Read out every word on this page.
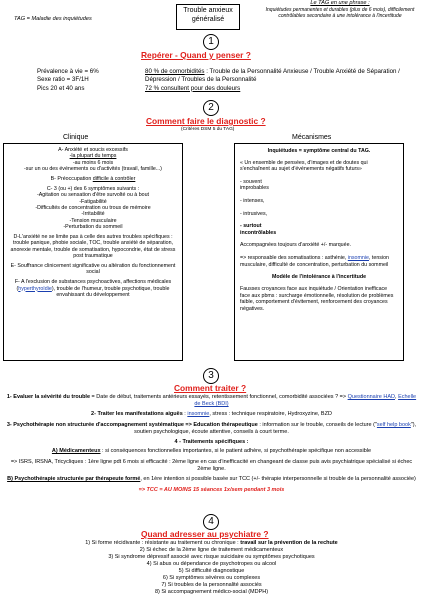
TAG = Maladie des inquiétudes
Trouble anxieux
généralisé
Le TAG en une phrase :
Inquiétudes permanentes et durables (plus de 6 mois), difficilement contrôlables secondaire à une intolérance à l'incertitude
1
Repérer - Quand y penser ?
Prévalence à vie = 6%
Sexe ratio = 3F/1H
Pics 20 et 40 ans
80 % de comorbidités : Trouble de la Personnalité Anxieuse / Trouble Anxiété de Séparation / Dépression / Troubles de la Personnalité
72 % consultent pour des douleurs
2
Comment faire le diagnostic ?
(Critères DSM 5 du TAG)
Clinique	Mécanismes
A- Anxiété et soucis excessifs
-la plupart du temps
-au moins 6 mois
-sur un ou des événements ou d'activités (travail, famille...)
B- Préoccupation difficile à contrôler
C- 3 (ou +) des 6 symptômes suivants :
-Agitation ou sensation d'être survolté ou à bout
-Fatigabilité
-Difficultés de concentration ou trous de mémoire
-Irritabilité
-Tension musculaire
-Perturbation du sommeil
D-L'anxiété ne se limite pas à celle des autres troubles spécifiques :
trouble panique, phobie sociale, TOC, trouble anxiété de séparation, anorexie mentale, trouble de somatisation, hypocondrie, état de stress post traumatique
E- Souffrance clinicement significative ou altération du fonctionnement social
F- A l'exclusion de substances psychoactives, affections médicales (hyperthyroïdie), trouble de l'humeur, trouble psychotique, trouble envahissant du développement
Inquiétudes = symptôme central du TAG.
« Un ensemble de pensées, d'images et de doutes qui s'enchaînent au sujet d'événements négatifs futurs»
- souvent
improbables
- intenses,
- intrusives,
- surtout
incontrôlables
Accompagnées toujours d'anxiété +/- marquée.
=> responsable des somatisations : asthénie, insomnie, tension musculaire, difficulté de concentration, perturbation du sommeil
Modèle de l'intolérance à l'incertitude
Fausses croyances face aux inquiétude / Orientation inefficace face aux pbms : surcharge émotionnelle, résolution de problèmes faible, comportement d'évitement, renforcement des croyances négatives.
3
Comment traiter ?
1- Evaluer la sévérité du trouble = Date de début, traitements antérieurs essayés, retentissement fonctionnel, comorbidité associées ? => Questionnaire HAD, Echelle de Beck (BDI)
2- Traiter les manifestations aiguës : insomnie, stress : technique respiratoire, Hydroxyzine, BZD
3- Psychothérapie non structurée d'accompagnement systématique => Education thérapeutique : information sur le trouble, conseils de lecture ("self help book"), soutien psychologique, écoute attentive, conseils à court terme.
4 - Traitements spécifiques :
A) Médicamenteux : si conséquences fonctionnelles importantes, si le patient adhère, si psychothérapie spécifique non accessible
=> ISRS, IRSNA, Tricycliques : 1ère ligne pdt 6 mois si efficacité : 2ème ligne en cas d'inefficacité en changeant de classe puis avis psychiatrique spécialisé si échec 2ème ligne.
B) Psychothérapie structurée par thérapeute formé, en 1ère intention si possible basée sur TCC (+/- thérapie interpersonnelle si trouble de la personnalité associée)
=> TCC = AU MOINS 15 séances 1x/sem pendant 3 mois
4
Quand adresser au psychiatre ?
1) Si forme récidivante : résistante au traitement ou chronique : travail sur la prévention de la rechute
2) Si échec de la 2ème ligne de traitement médicamenteux
3) Si syndrome dépressif associé avec risque suicidaire ou symptômes psychotiques
4) Si abus ou dépendance de psychotropes ou alcool
5) Si difficulté diagnostique
6) Si symptômes sévères ou complexes
7) Si troubles de la personnalité associés
8) Si accompagnement médico-social (MDPH)
